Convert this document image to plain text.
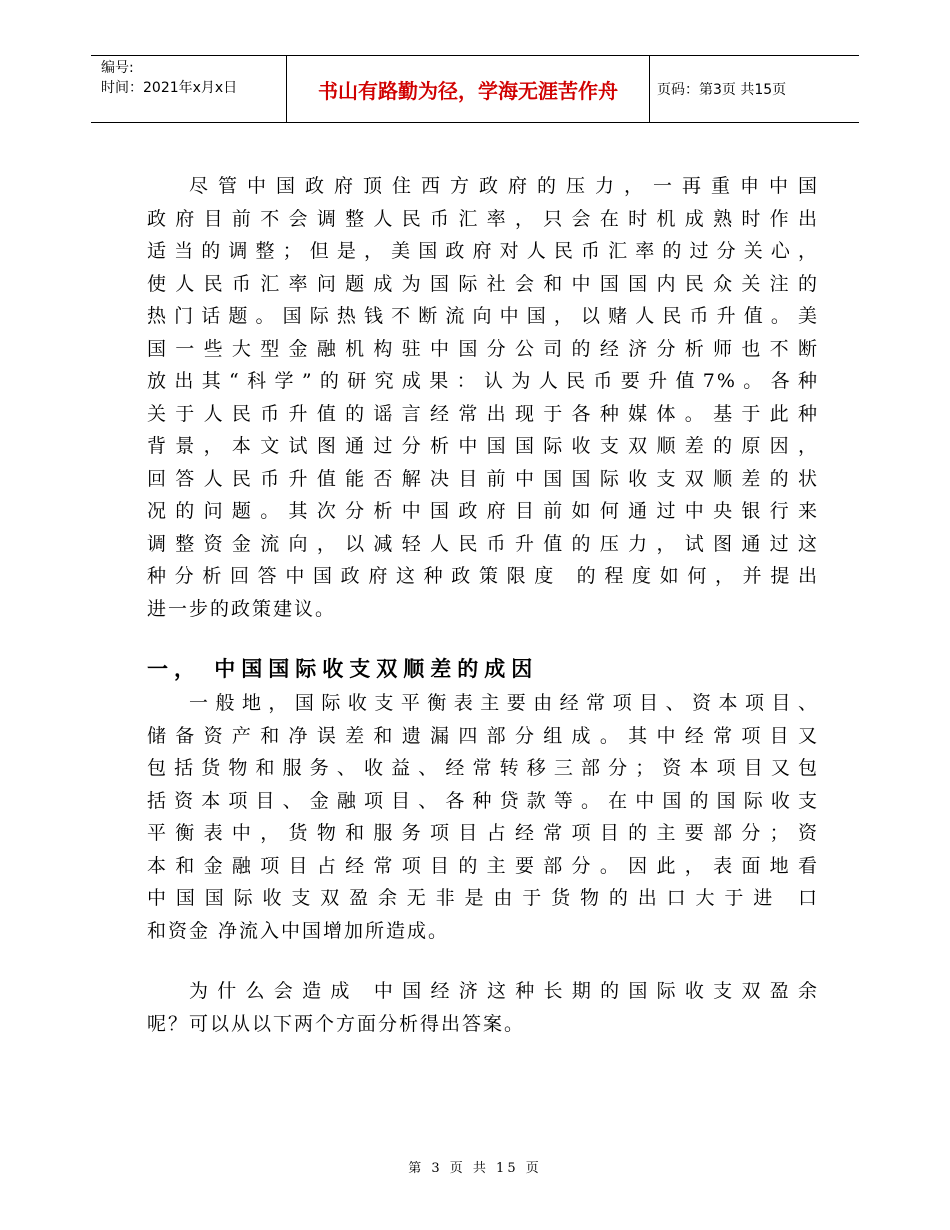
编号:
时间：2021年x月x日	书山有路勤为径，学海无涯苦作舟	页码：第3页 共15页

尽管中国政府顶住西方政府的压力，一再重申中国

政府目前不会调整人民币汇率，只会在时机成熟时作出

适当的调整；但是，美国政府对人民币汇率的过分关心，

使人民币汇率问题成为国际社会和中国国内民众关注的

热门话题。国际热钱不断流向中国，以赌人民币升值。美

国一些大型金融机构驻中国分公司的经济分析师也不断

放出其“科学”的研究成果：认为人民币要升值7%。各种

关于人民币升值的谣言经常出现于各种媒体。基于此种

背景，本文试图通过分析中国国际收支双顺差的原因，

回答人民币升值能否解决目前中国国际收支双顺差的状

况的问题。其次分析中国政府目前如何通过中央银行来

调整资金流向，以减轻人民币升值的压力，试图通过这

种分析回答中国政府这种政策限度 的程度如何，并提出

进一步的政策建议。

一， 中国国际收支双顺差的成因

一般地，国际收支平衡表主要由经常项目、资本项目、

储备资产和净误差和遗漏四部分组成。其中经常项目又

包括货物和服务、收益、经常转移三部分；资本项目又包

括资本项目、金融项目、各种贷款等。在中国的国际收支

平衡表中，货物和服务项目占经常项目的主要部分；资

本和金融项目占经常项目的主要部分。因此，表面地看

中国国际收支双盈余无非是由于货物的出口大于进 口

和资金 净流入中国增加所造成。

为什么会造成 中国经济这种长期的国际收支双盈余

呢？可以从以下两个方面分析得出答案。

第 3 页 共 15 页
